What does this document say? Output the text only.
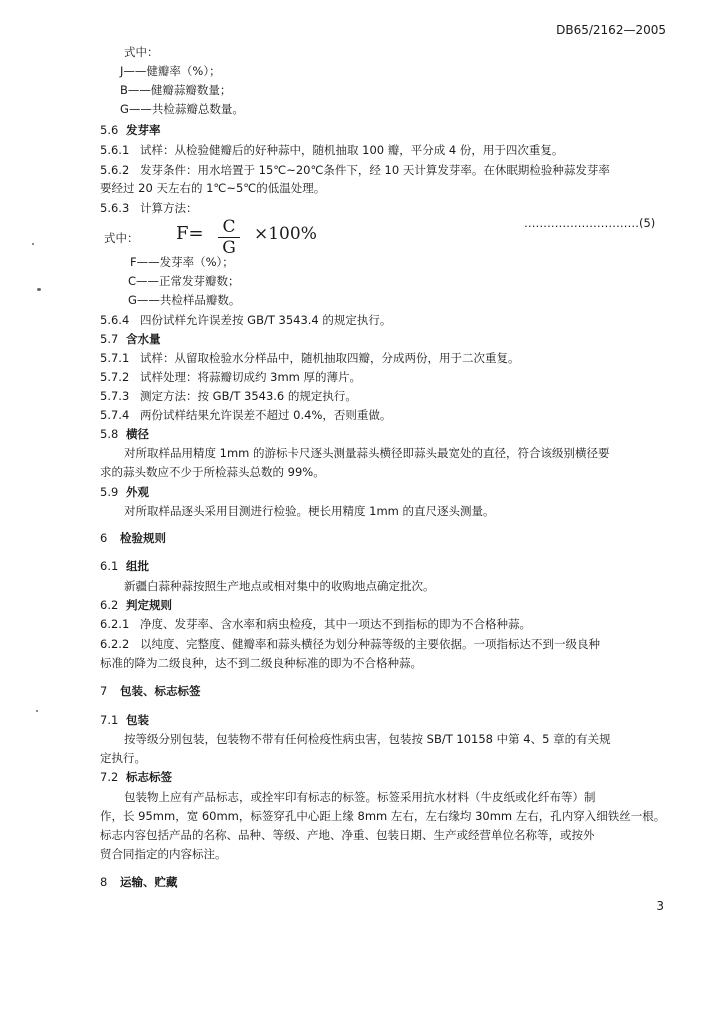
DB65/2162—2005
式中：
J——健瓣率（%）；
B——健瓣蒜瓣数量；
G——共检蒜瓣总数量。
5.6 发芽率
5.6.1 试样：从检验健瓣后的好种蒜中，随机抽取 100 瓣，平分成 4 份，用于四次重复。
5.6.2 发芽条件：用水培置于 15℃~20℃条件下，经 10 天计算发芽率。在休眠期检验种蒜发芽率
要经过 20 天左右的 1℃~5℃的低温处理。
5.6.3 计算方法：
…………………………(5)
式中： F= C
G
×100%
F——发芽率（%）；
C——正常发芽瓣数；
G——共检样品瓣数。
5.6.4 四份试样允许误差按 GB/T 3543.4 的规定执行。
5.7 含水量
5.7.1 试样：从留取检验水分样品中，随机抽取四瓣，分成两份，用于二次重复。
5.7.2 试样处理：将蒜瓣切成约 3mm 厚的薄片。
5.7.3 测定方法：按 GB/T 3543.6 的规定执行。
5.7.4 两份试样结果允许误差不超过 0.4%，否则重做。
5.8 横径
对所取样品用精度 1mm 的游标卡尺逐头测量蒜头横径即蒜头最宽处的直径，符合该级别横径要
求的蒜头数应不少于所检蒜头总数的 99%。
5.9 外观
对所取样品逐头采用目测进行检验。梗长用精度 1mm 的直尺逐头测量。
6 检验规则
6.1 组批
新疆白蒜种蒜按照生产地点或相对集中的收购地点确定批次。
6.2 判定规则
6.2.1 净度、发芽率、含水率和病虫检疫，其中一项达不到指标的即为不合格种蒜。
6.2.2 以纯度、完整度、健瓣率和蒜头横径为划分种蒜等级的主要依据。一项指标达不到一级良种
标准的降为二级良种，达不到二级良种标准的即为不合格种蒜。
7 包装、标志标签
7.1 包装
按等级分别包装，包装物不带有任何检疫性病虫害，包装按 SB/T 10158 中第 4、5 章的有关规
定执行。
7.2 标志标签
包装物上应有产品标志，或拴牢印有标志的标签。标签采用抗水材料（牛皮纸或化纤布等）制
作，长 95mm，宽 60mm，标签穿孔中心距上缘 8mm 左右，左右缘均 30mm 左右，孔内穿入细铁丝一根。
标志内容包括产品的名称、品种、等级、产地、净重、包装日期、生产或经营单位名称等，或按外
贸合同指定的内容标注。
8 运输、贮藏
3
